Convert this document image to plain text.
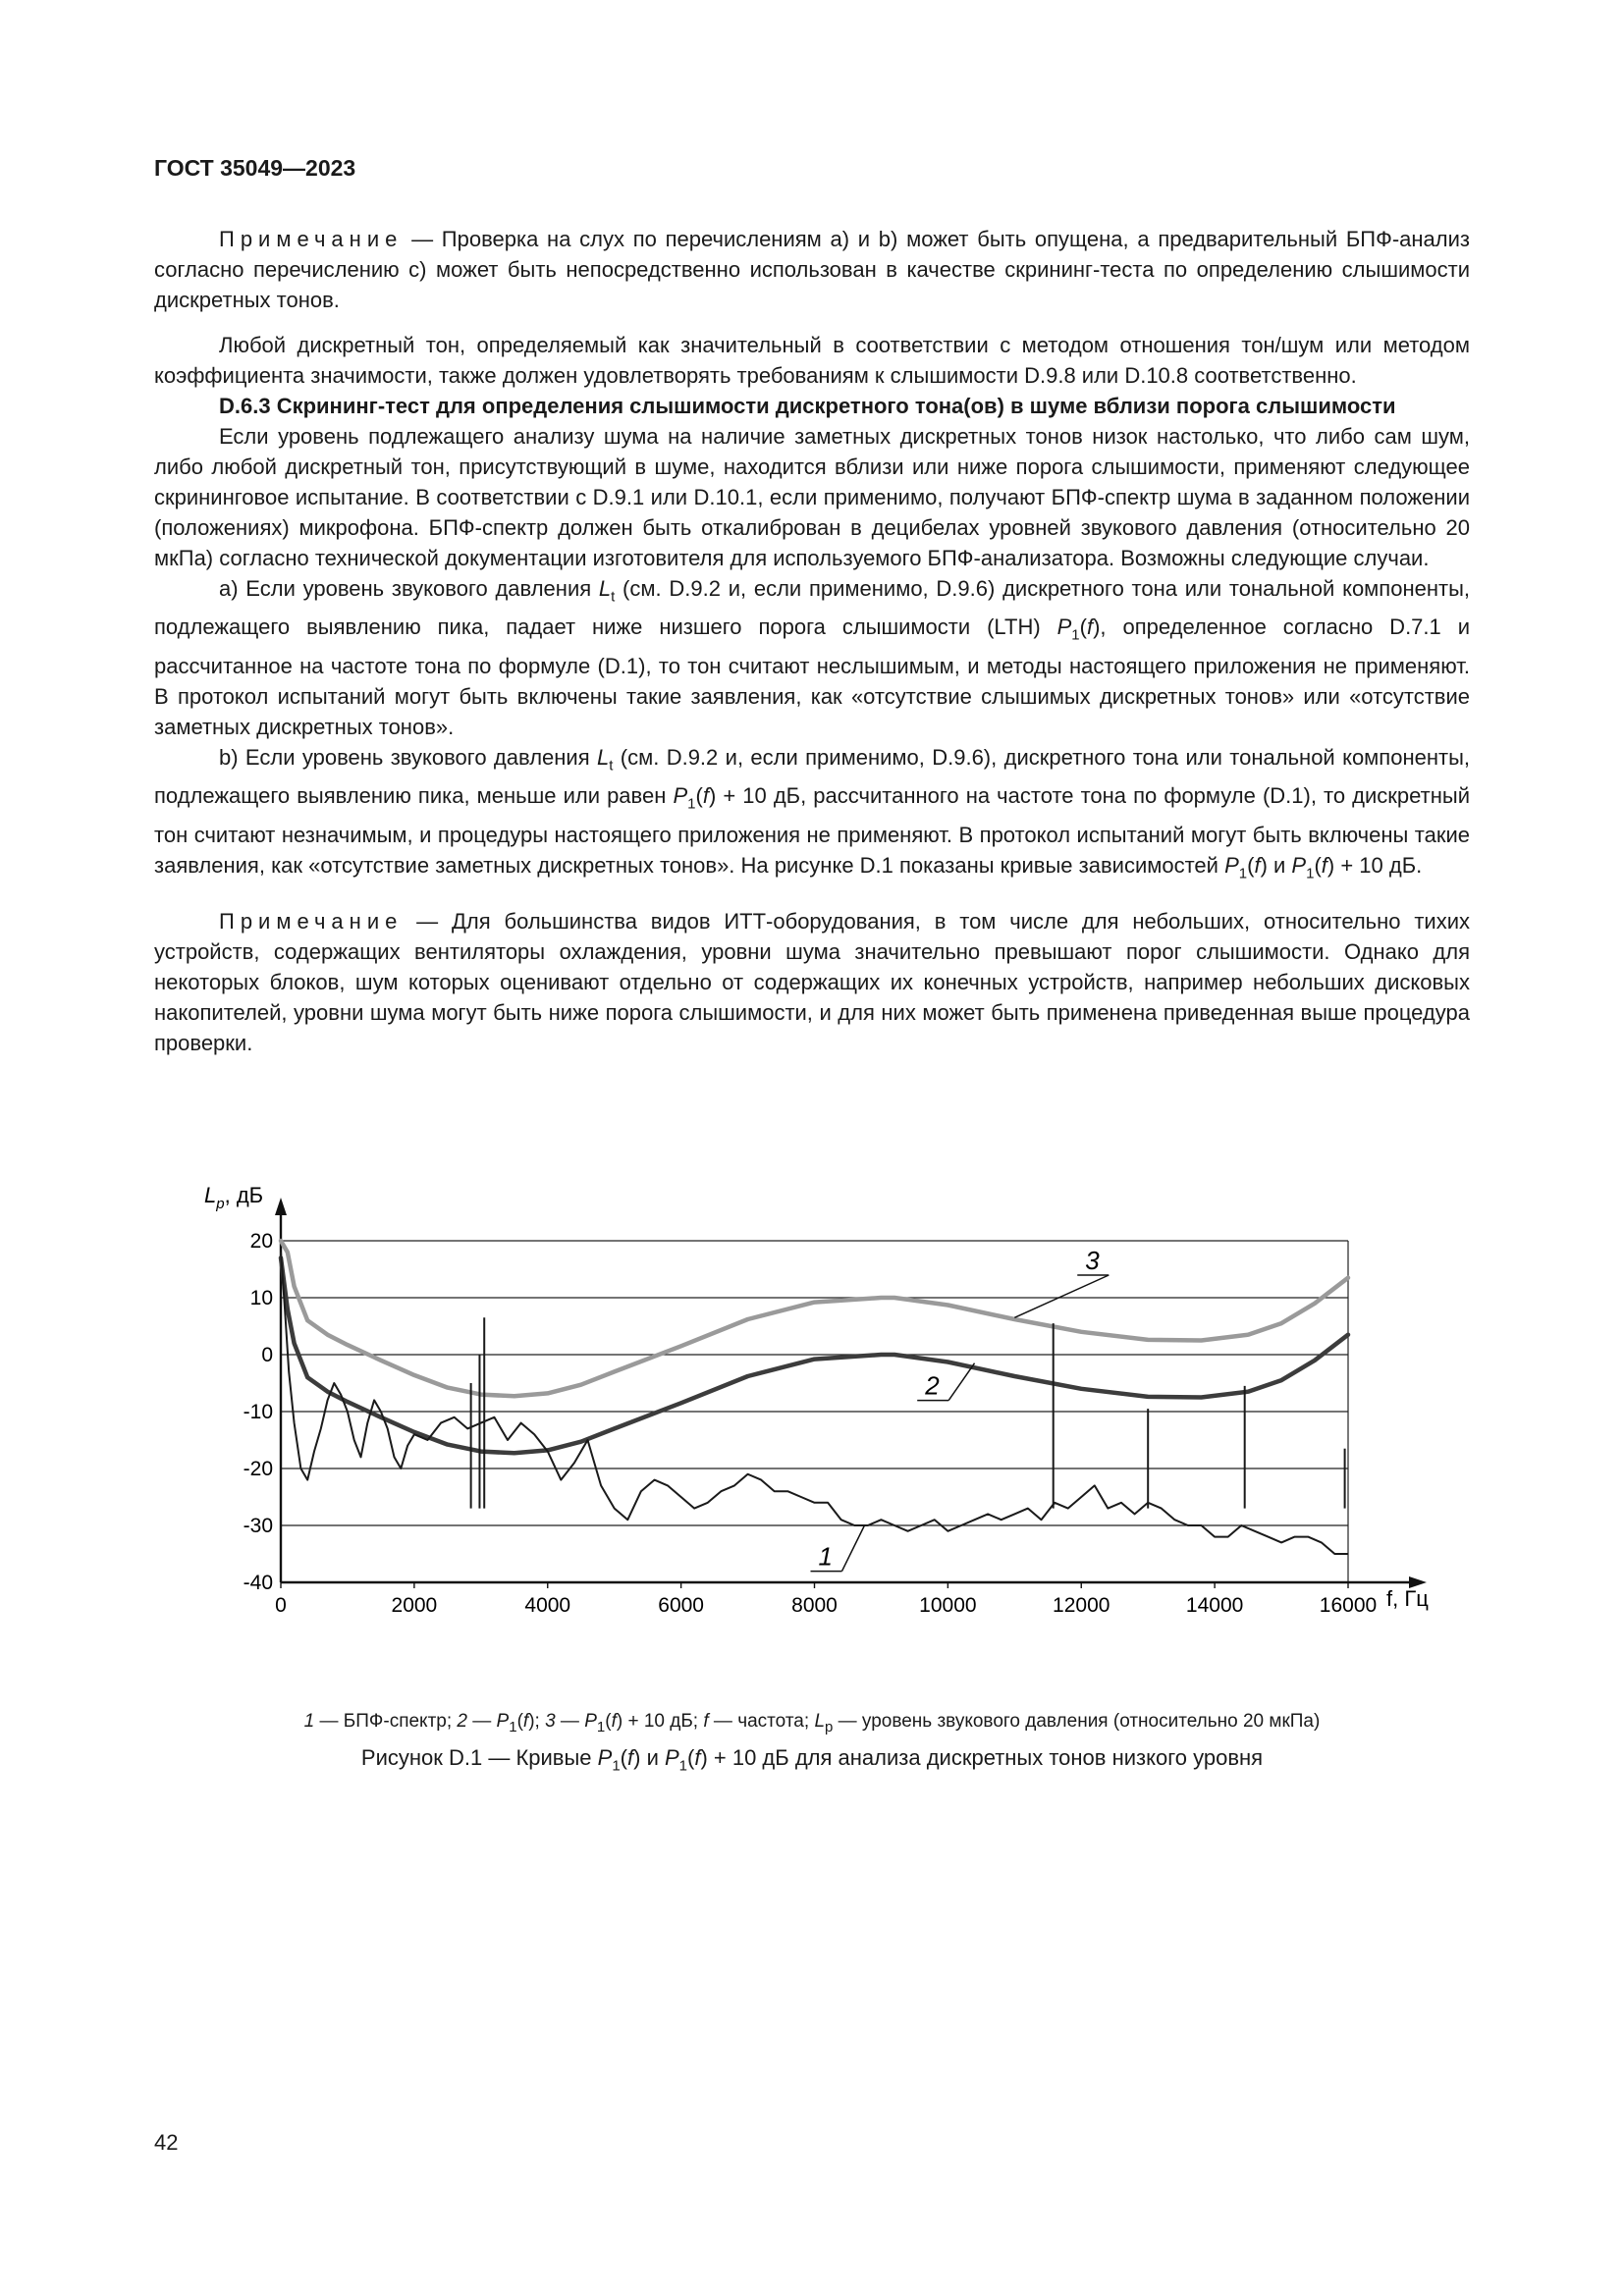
ГОСТ 35049—2023

Примечание — Проверка на слух по перечислениям а) и b) может быть опущена, а предварительный БПФ-анализ согласно перечислению c) может быть непосредственно использован в качестве скрининг-теста по определению слышимости дискретных тонов.

Любой дискретный тон, определяемый как значительный в соответствии с методом отношения тон/шум или методом коэффициента значимости, также должен удовлетворять требованиям к слышимости D.9.8 или D.10.8 соответственно.

D.6.3 Скрининг-тест для определения слышимости дискретного тона(ов) в шуме вблизи порога слышимости

Если уровень подлежащего анализу шума на наличие заметных дискретных тонов низок настолько, что либо сам шум, либо любой дискретный тон, присутствующий в шуме, находится вблизи или ниже порога слышимости, применяют следующее скрининговое испытание. В соответствии с D.9.1 или D.10.1, если применимо, получают БПФ-спектр шума в заданном положении (положениях) микрофона. БПФ-спектр должен быть откалиброван в децибелах уровней звукового давления (относительно 20 мкПа) согласно технической документации изготовителя для используемого БПФ-анализатора. Возможны следующие случаи.

а) Если уровень звукового давления $L_t$ (см. D.9.2 и, если применимо, D.9.6) дискретного тона или тональной компоненты, подлежащего выявлению пика, падает ниже низшего порога слышимости (LTH) $P_1(f)$, определенное согласно D.7.1 и рассчитанное на частоте тона по формуле (D.1), то тон считают неслышимым, и методы настоящего приложения не применяют. В протокол испытаний могут быть включены такие заявления, как «отсутствие слышимых дискретных тонов» или «отсутствие заметных дискретных тонов».

b) Если уровень звукового давления $L_t$ (см. D.9.2 и, если применимо, D.9.6), дискретного тона или тональной компоненты, подлежащего выявлению пика, меньше или равен $P_1(f) + 10$ дБ, рассчитанного на частоте тона по формуле (D.1), то дискретный тон считают незначимым, и процедуры настоящего приложения не применяют. В протокол испытаний могут быть включены такие заявления, как «отсутствие заметных дискретных тонов». На рисунке D.1 показаны кривые зависимостей $P_1(f)$ и $P_1(f) + 10$ дБ.

Примечание — Для большинства видов ИТТ-оборудования, в том числе для небольших, относительно тихих устройств, содержащих вентиляторы охлаждения, уровни шума значительно превышают порог слышимости. Однако для некоторых блоков, шум которых оценивают отдельно от содержащих их конечных устройств, например небольших дисковых накопителей, уровни шума могут быть ниже порога слышимости, и для них может быть применена приведенная выше процедура проверки.

-40
-30
-20
-10
0
10
20
0	2000	4000	6000	8000	10000	12000	14000	16000
1
2
3
$L_p$, дБ
f, Гц
1 — БПФ-спектр; 2 — $P_1(f)$; 3 — $P_1(f) + 10$ дБ; f — частота; $L_p$ — уровень звукового давления (относительно 20 мкПа)
Рисунок D.1 — Кривые $P_1(f)$ и $P_1(f) + 10$ дБ для анализа дискретных тонов низкого уровня
42
